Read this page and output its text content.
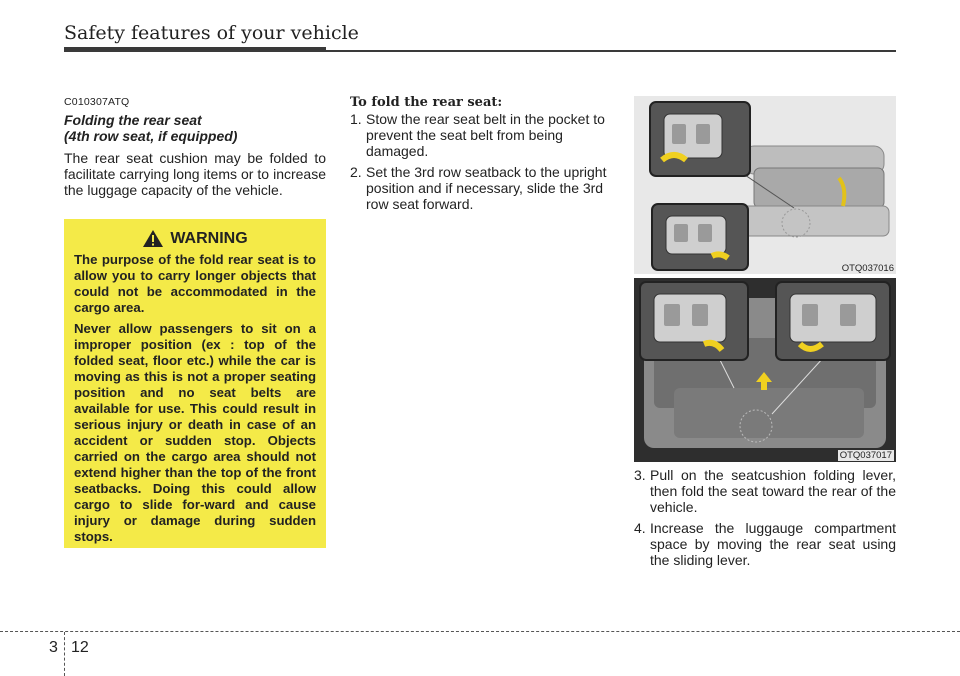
Safety features of your vehicle
C010307ATQ
Folding the rear seat
(4th row seat, if equipped)
The rear seat cushion may be folded to facilitate carrying long items or to increase the luggage capacity of the vehicle.
WARNING

The purpose of the fold rear seat is to allow you to carry longer objects that could not be accommodated in the cargo area.

Never allow passengers to sit on a improper position (ex : top of the folded seat, floor etc.) while the car is moving as this is not a proper seating position and no seat belts are available for use. This could result in serious injury or death in case of an accident or sudden stop. Objects carried on the cargo area should not extend higher than the top of the front seatbacks. Doing this could allow cargo to slide for-ward and cause injury or damage during sudden stops.

To fold the rear seat:
1. Stow the rear seat belt in the pocket to prevent the seat belt from being damaged.
2. Set the 3rd row seatback to the upright position and if necessary, slide the 3rd row seat forward.
OTQ037016
OTQ037017
3. Pull on the seatcushion folding lever, then fold the seat toward the rear of the vehicle.
4. Increase the luggauge compartment space by moving the rear seat using the sliding lever.
3 12
